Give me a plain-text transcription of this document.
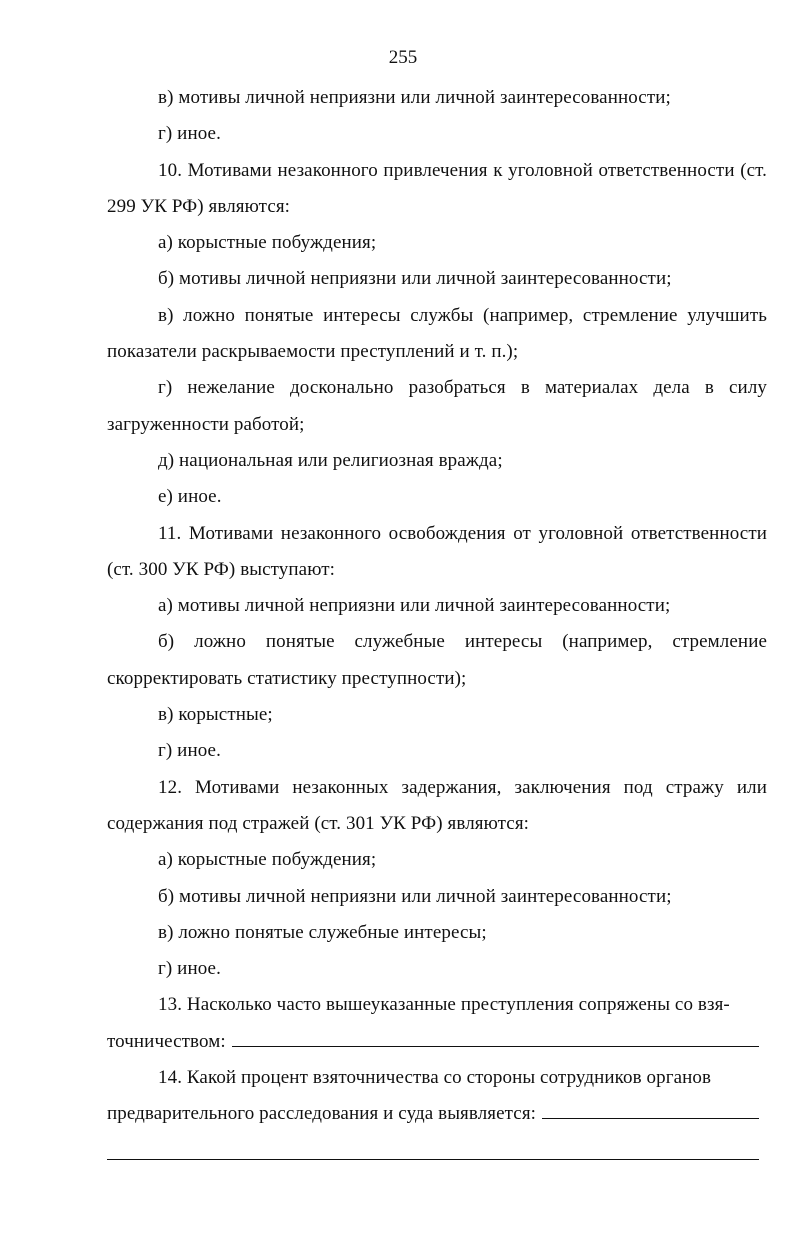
255

в) мотивы личной неприязни или личной заинтересованности;

г) иное.

10. Мотивами незаконного привлечения к уголовной ответственности (ст. 299 УК РФ) являются:

а) корыстные побуждения;

б) мотивы личной неприязни или личной заинтересованности;

в) ложно понятые интересы службы (например, стремление улучшить показатели раскрываемости преступлений и т. п.);

г) нежелание досконально разобраться в материалах дела в силу загруженности работой;

д) национальная или религиозная вражда;

е) иное.

11. Мотивами незаконного освобождения от уголовной ответственности (ст. 300 УК РФ) выступают:

а) мотивы личной неприязни или личной заинтересованности;

б) ложно понятые служебные интересы (например, стремление скорректировать статистику преступности);

в) корыстные;

г) иное.

12. Мотивами незаконных задержания, заключения под стражу или содержания под стражей (ст. 301 УК РФ) являются:

а) корыстные побуждения;

б) мотивы личной неприязни или личной заинтересованности;

в) ложно понятые служебные интересы;

г) иное.

13. Насколько часто вышеуказанные преступления сопряжены со взя-

точничеством:

14. Какой процент взяточничества со стороны сотрудников органов

предварительного расследования и суда выявляется:
